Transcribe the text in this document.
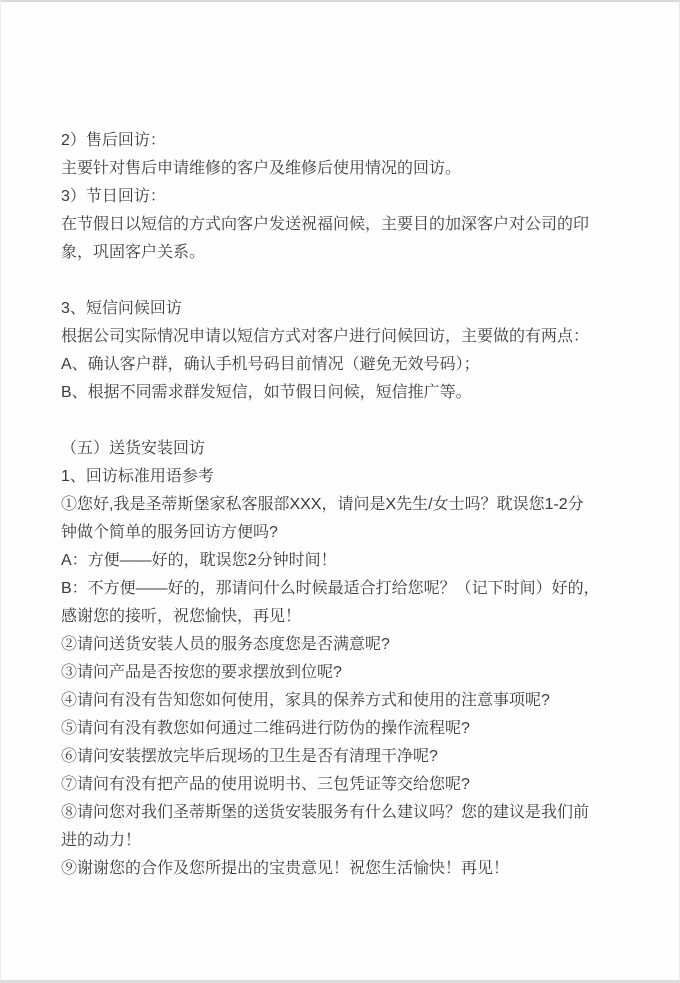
2）售后回访：
主要针对售后申请维修的客户及维修后使用情况的回访。
3）节日回访：
在节假日以短信的方式向客户发送祝福问候，主要目的加深客户对公司的印
象，巩固客户关系。
3、短信问候回访
根据公司实际情况申请以短信方式对客户进行问候回访，主要做的有两点：
A、确认客户群，确认手机号码目前情况（避免无效号码）；
B、根据不同需求群发短信，如节假日问候，短信推广等。
（五）送货安装回访
1、回访标准用语参考
①您好,我是圣蒂斯堡家私客服部XXX，请问是X先生/女士吗？耽误您1-2分
钟做个简单的服务回访方便吗?
A：方便——好的，耽误您2分钟时间！
B：不方便——好的，那请问什么时候最适合打给您呢？（记下时间）好的，
感谢您的接听，祝您愉快，再见！
②请问送货安装人员的服务态度您是否满意呢?
③请问产品是否按您的要求摆放到位呢?
④请问有没有告知您如何使用，家具的保养方式和使用的注意事项呢?
⑤请问有没有教您如何通过二维码进行防伪的操作流程呢?
⑥请问安装摆放完毕后现场的卫生是否有清理干净呢?
⑦请问有没有把产品的使用说明书、三包凭证等交给您呢?
⑧请问您对我们圣蒂斯堡的送货安装服务有什么建议吗？您的建议是我们前
进的动力！
⑨谢谢您的合作及您所提出的宝贵意见！祝您生活愉快！再见！
